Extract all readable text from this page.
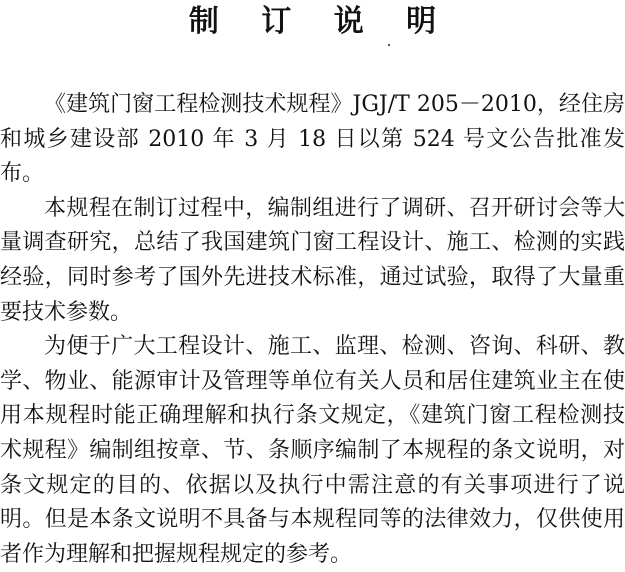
制 订 说 明

《建筑门窗工程检测技术规程》JGJ/T 205－2010，经住房和城乡建设部 2010 年 3 月 18 日以第 524 号文公告批准发布。

本规程在制订过程中，编制组进行了调研、召开研讨会等大量调查研究，总结了我国建筑门窗工程设计、施工、检测的实践经验，同时参考了国外先进技术标准，通过试验，取得了大量重要技术参数。

为便于广大工程设计、施工、监理、检测、咨询、科研、教学、物业、能源审计及管理等单位有关人员和居住建筑业主在使用本规程时能正确理解和执行条文规定，《建筑门窗工程检测技术规程》编制组按章、节、条顺序编制了本规程的条文说明，对条文规定的目的、依据以及执行中需注意的有关事项进行了说明。但是本条文说明不具备与本规程同等的法律效力，仅供使用者作为理解和把握规程规定的参考。
